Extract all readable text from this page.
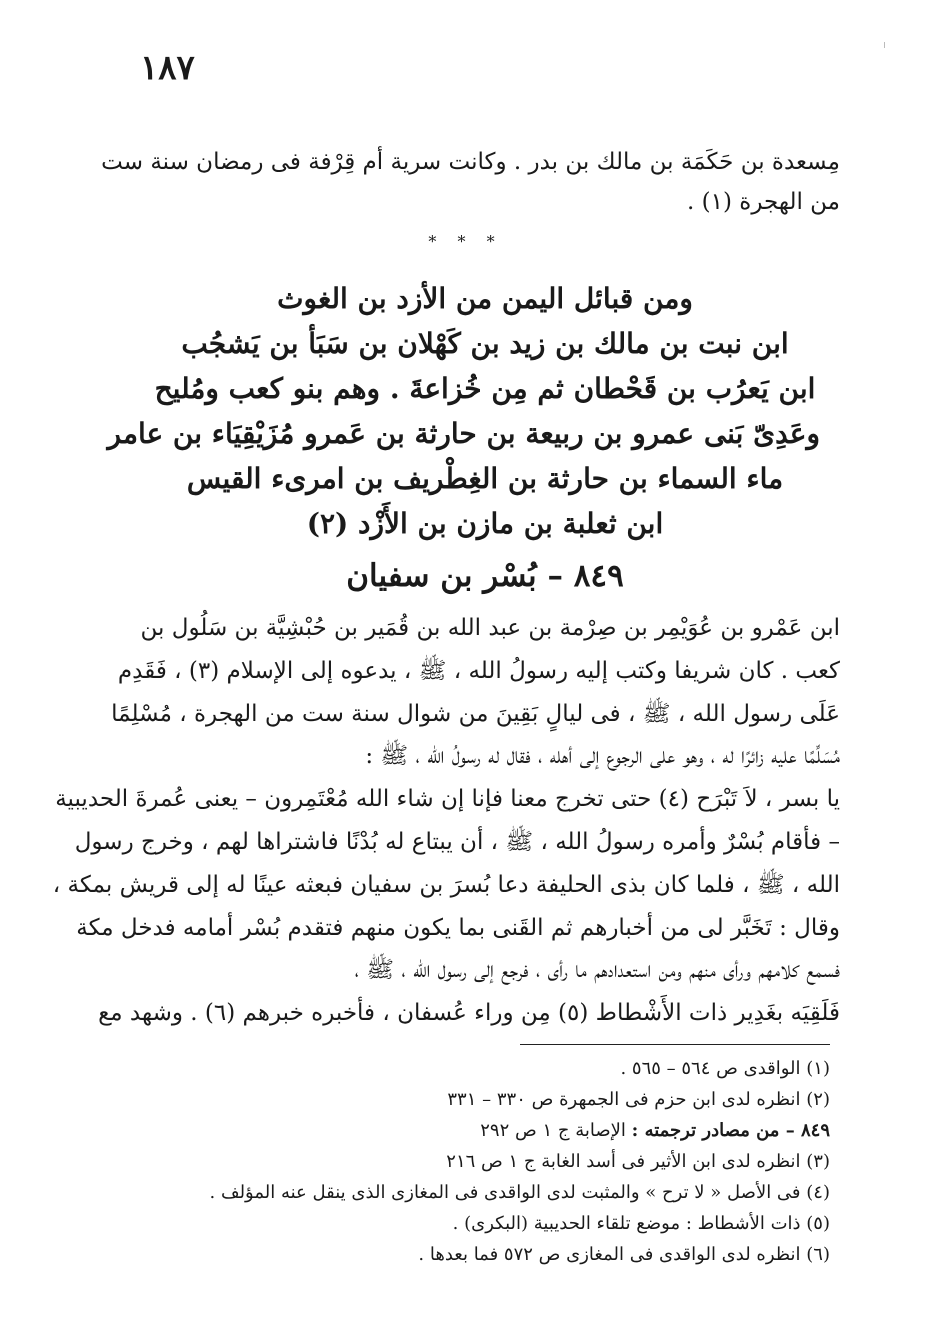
١٨٧
مِسعدة بن حَكَمَة بن مالك بن بدر . وكانت سرية أم قِرْفة فى رمضان سنة ست
من الهجرة (١) .
* * *
ومن قبائل اليمن من الأزد بن الغوث
ابن نبت بن مالك بن زيد بن كَهْلان بن سَبَأ بن يَشجُب
ابن يَعرُب بن قَحْطان ثم مِن خُزاعةَ . وهم بنو كعب ومُليح
وعَدِىّ بَنى عمرو بن ربيعة بن حارثة بن عَمرو مُزَيْقِيَاء بن عامر
ماء السماء بن حارثة بن الغِطْريف بن امرىء القيس
ابن ثعلبة بن مازن بن الأَزْد (٢)
٨٤٩ – بُسْر بن سفيان
ابن عَمْرو بن عُوَيْمِر بن صِرْمة بن عبد الله بن قُمَير بن حُبْشِيَّة بن سَلُول بن
كعب . كان شريفا وكتب إليه رسولُ الله ، ﷺ ، يدعوه إلى الإسلام (٣) ، فَقَدِم
عَلَى رسول الله ، ﷺ ، فى ليالٍ بَقِينَ من شوال سنة ست من الهجرة ، مُسْلِمًا
مُسَلِّمًا عليه زائرًا له ، وهو على الرجوع إلى أهله ، فقال له رسولُ الله ، ﷺ :
يا بسر ، لاَ تَبْرَح (٤) حتى تخرج معنا فإنا إن شاء الله مُعْتَمِرون – يعنى عُمرةَ الحديبية
– فأقام بُسْرٌ وأمره رسولُ الله ، ﷺ ، أن يبتاع له بُدْنًا فاشتراها لهم ، وخرج رسول
الله ، ﷺ ، فلما كان بذى الحليفة دعا بُسرَ بن سفيان فبعثه عينًا له إلى قريش بمكة ،
وقال : تَخَبَّر لى من أخبارهم ثم القَنى بما يكون منهم فتقدم بُسْر أمامه فدخل مكة
فسمع كلامهم ورأى منهم ومن استعدادهم ما رأى ، فرجع إلى رسول الله ، ﷺ ،
فَلَقِيَه بغَدِير ذات الأَشْطاط (٥) مِن وراء عُسفان ، فأخبره خبرهم (٦) . وشهد مع
(١) الواقدى ص ٥٦٤ – ٥٦٥ .
(٢) انظره لدى ابن حزم فى الجمهرة ص ٣٣٠ – ٣٣١
٨٤٩ – من مصادر ترجمته : الإصابة ج ١ ص ٢٩٢
(٣) انظره لدى ابن الأثير فى أسد الغابة ج ١ ص ٢١٦
(٤) فى الأصل « لا ترح » والمثبت لدى الواقدى فى المغازى الذى ينقل عنه المؤلف .
(٥) ذات الأشطاط : موضع تلقاء الحديبية (البكرى) .
(٦) انظره لدى الواقدى فى المغازى ص ٥٧٢ فما بعدها .
